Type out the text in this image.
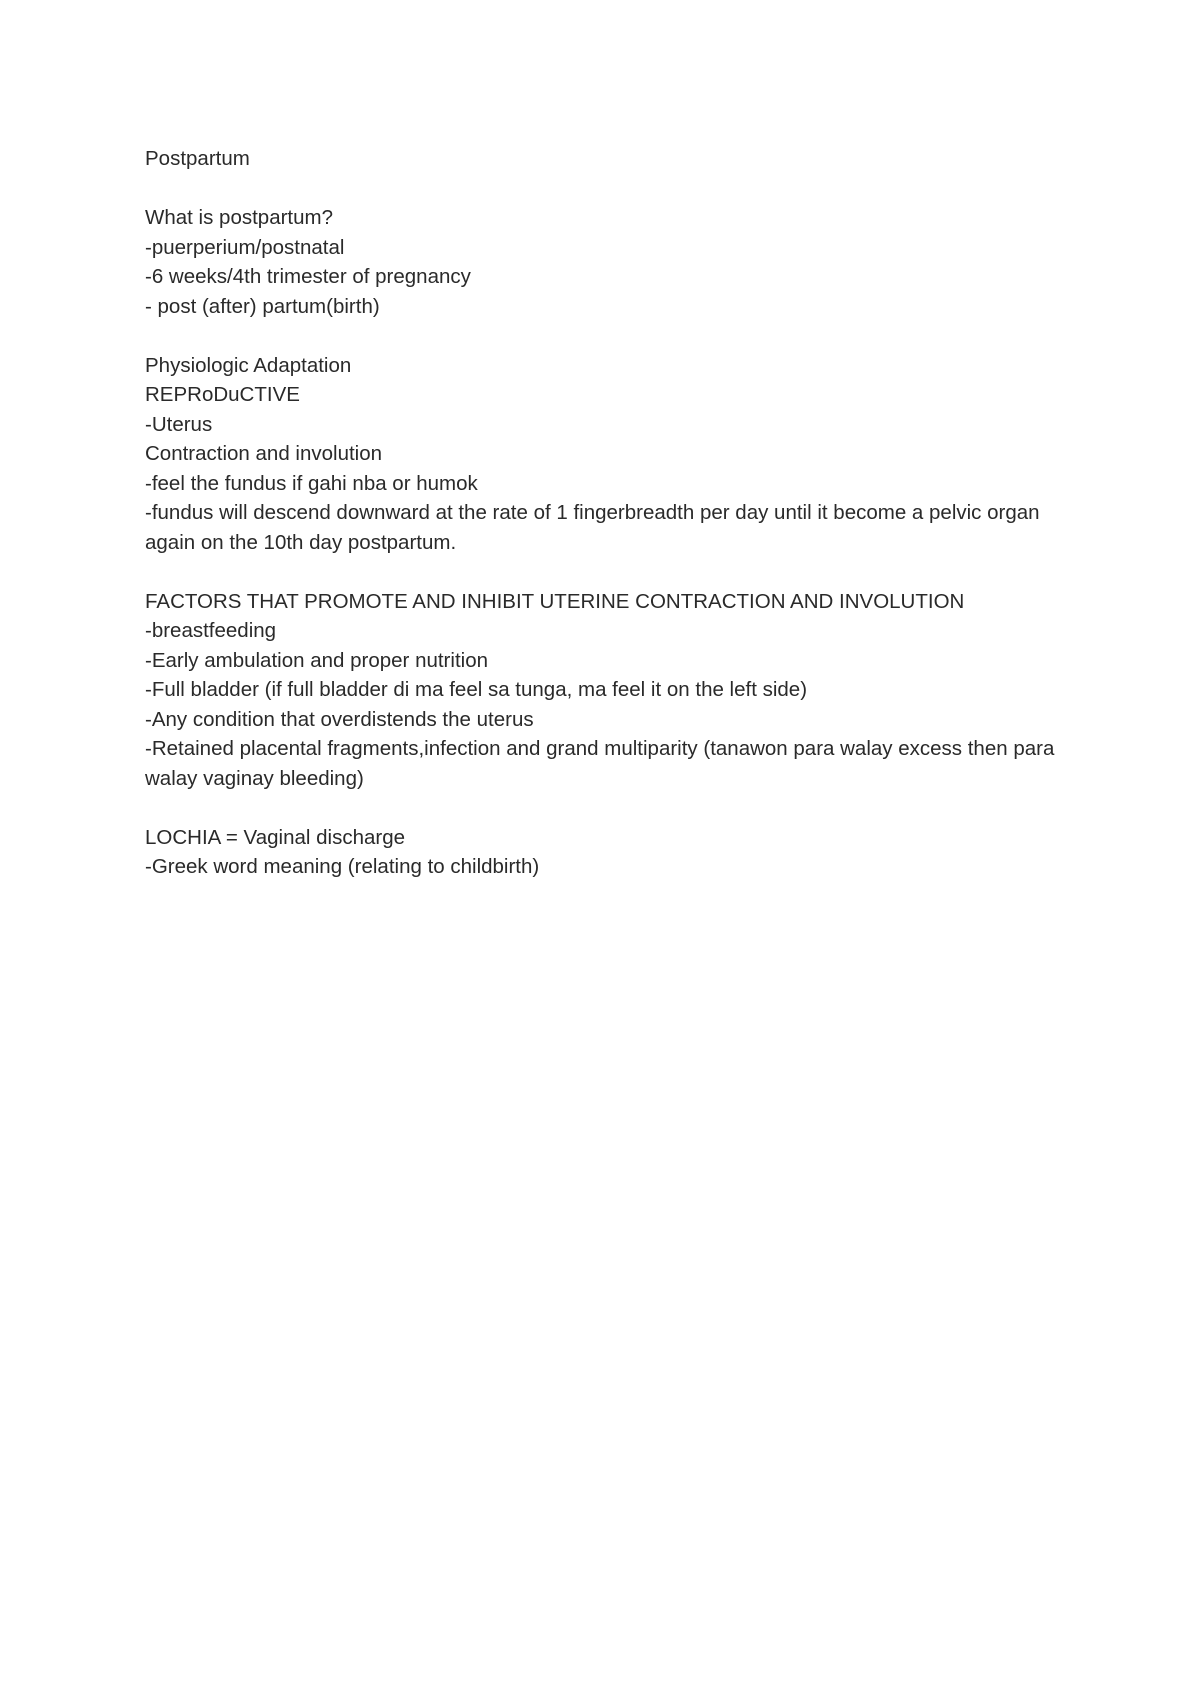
Postpartum

What is postpartum?

-puerperium/postnatal

-6 weeks/4th trimester of pregnancy

- post (after) partum(birth)

Physiologic Adaptation

REPRoDuCTIVE

-Uterus

Contraction and involution

-feel the fundus if gahi nba or humok

-fundus will descend downward at the rate of 1 fingerbreadth per day until it become a pelvic organ again on the 10th day postpartum.

FACTORS THAT PROMOTE AND INHIBIT UTERINE CONTRACTION AND INVOLUTION

-breastfeeding

-Early ambulation and proper nutrition

-Full bladder (if full bladder di ma feel sa tunga, ma feel it on the left side)

-Any condition that overdistends the uterus

-Retained placental fragments,infection and grand multiparity (tanawon para walay excess then para walay vaginay bleeding)

LOCHIA = Vaginal discharge

-Greek word meaning (relating to childbirth)
